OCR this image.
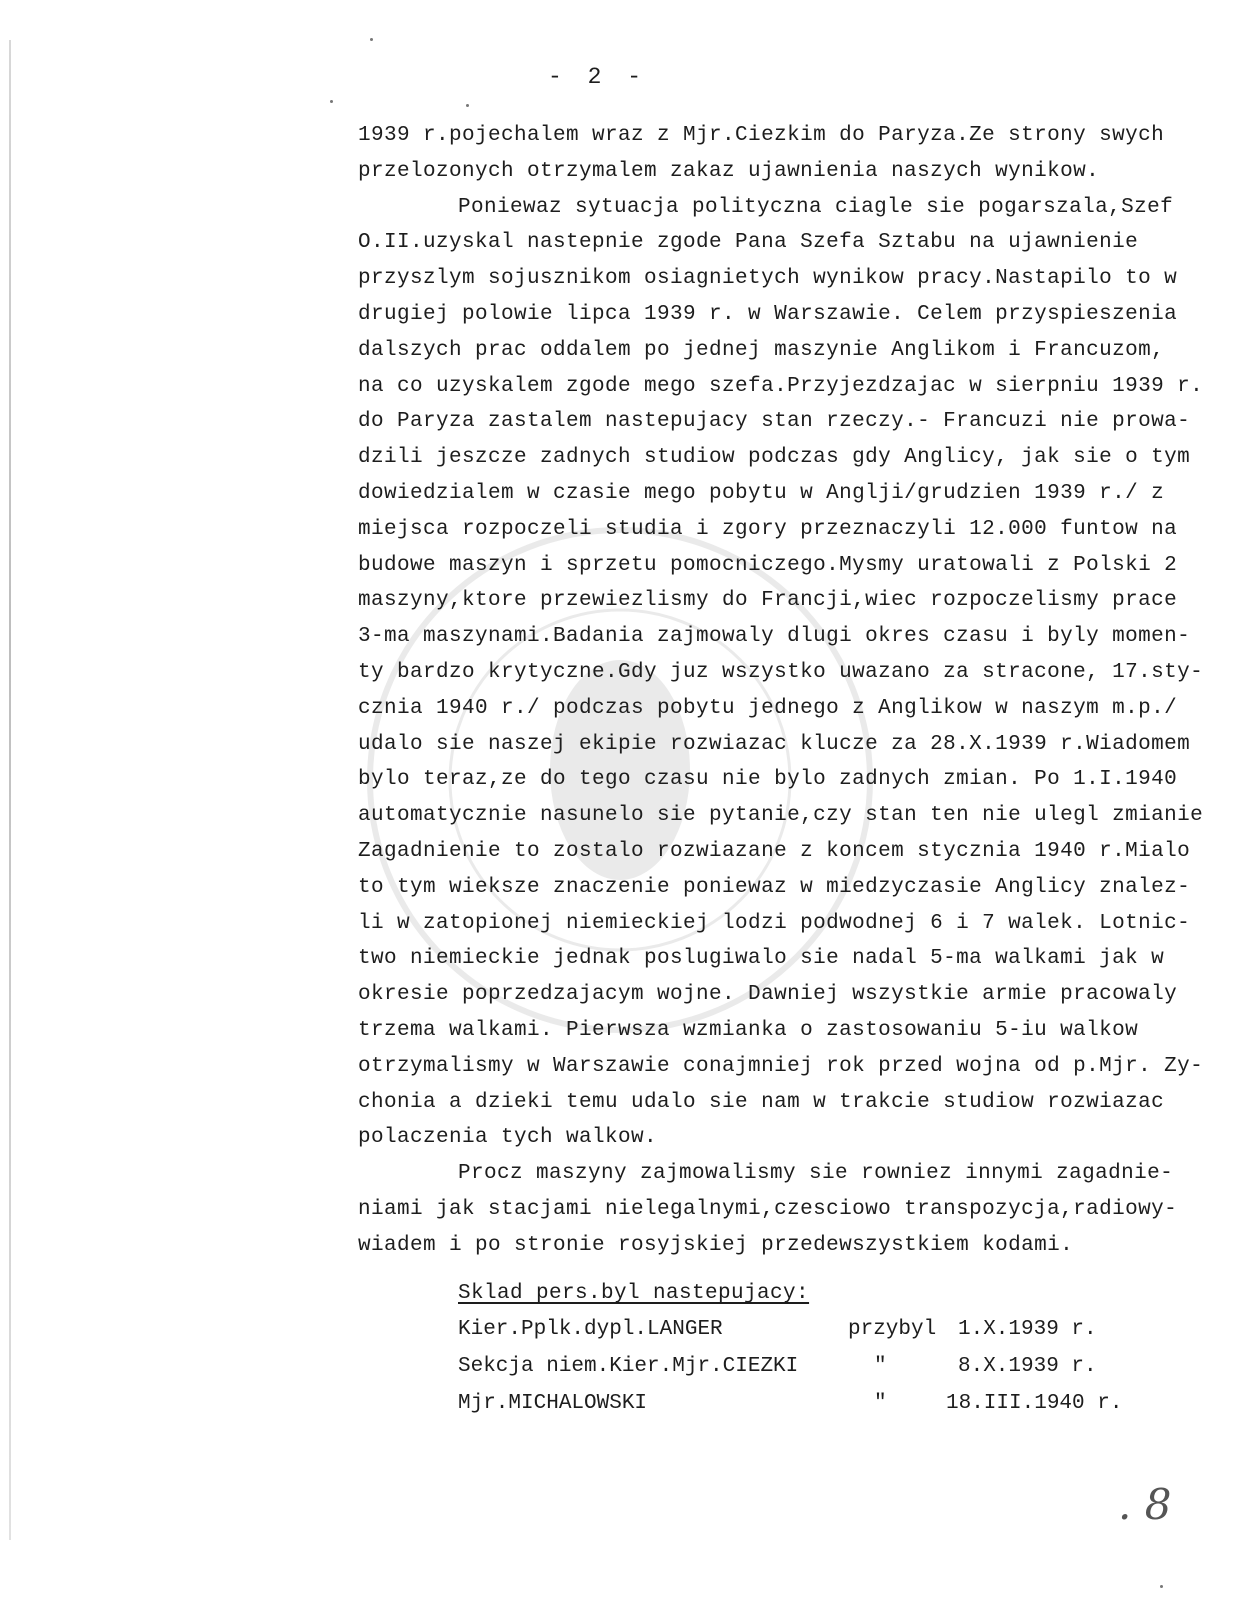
- 2 -
1939 r.pojechalem wraz z Mjr.Ciezkim do Paryza.Ze strony swych
przelozonych otrzymalem zakaz ujawnienia naszych wynikow.
Poniewaz sytuacja polityczna ciagle sie pogarszala,Szef
O.II.uzyskal nastepnie zgode Pana Szefa Sztabu na ujawnienie
przyszlym sojusznikom osiagnietych wynikow pracy.Nastapilo to w
drugiej polowie lipca 1939 r. w Warszawie. Celem przyspieszenia
dalszych prac oddalem po jednej maszynie Anglikom i Francuzom,
na co uzyskalem zgode mego szefa.Przyjezdzajac w sierpniu 1939 r.
do Paryza zastalem nastepujacy stan rzeczy.- Francuzi nie prowa-
dzili jeszcze zadnych studiow podczas gdy Anglicy, jak sie o tym
dowiedzialem w czasie mego pobytu w Anglji/grudzien 1939 r./ z
miejsca rozpoczeli studia i zgory przeznaczyli 12.000 funtow na
budowe maszyn i sprzetu pomocniczego.Mysmy uratowali z Polski 2
maszyny,ktore przewiezlismy do Francji,wiec rozpoczelismy prace
3-ma maszynami.Badania zajmowaly dlugi okres czasu i byly momen-
ty bardzo krytyczne.Gdy juz wszystko uwazano za stracone, 17.sty-
cznia 1940 r./ podczas pobytu jednego z Anglikow w naszym m.p./
udalo sie naszej ekipie rozwiazac klucze za 28.X.1939 r.Wiadomem
bylo teraz,ze do tego czasu nie bylo zadnych zmian. Po 1.I.1940
automatycznie nasunelo sie pytanie,czy stan ten nie ulegl zmianie
Zagadnienie to zostalo rozwiazane z koncem stycznia 1940 r.Mialo
to tym wieksze znaczenie poniewaz w miedzyczasie Anglicy znalez-
li w zatopionej niemieckiej lodzi podwodnej 6 i 7 walek. Lotnic-
two niemieckie jednak poslugiwalo sie nadal 5-ma walkami jak w
okresie poprzedzajacym wojne. Dawniej wszystkie armie pracowaly
trzema walkami. Pierwsza wzmianka o zastosowaniu 5-iu walkow
otrzymalismy w Warszawie conajmniej rok przed wojna od p.Mjr. Zy-
chonia a dzieki temu udalo sie nam w trakcie studiow rozwiazac
polaczenia tych walkow.
Procz maszyny zajmowalismy sie rowniez innymi zagadnie-
niami jak stacjami nielegalnymi,czesciowo transpozycja,radiowy-
wiadem i po stronie rosyjskiej przedewszystkiem kodami.
Sklad pers.byl nastepujacy:
Kier.Pplk.dypl.LANGER	przybyl 1.X.1939 r.
Sekcja niem.Kier.Mjr.CIEZKI	"	8.X.1939 r.
Mjr.MICHALOWSKI	"	18.III.1940 r.
. 8
